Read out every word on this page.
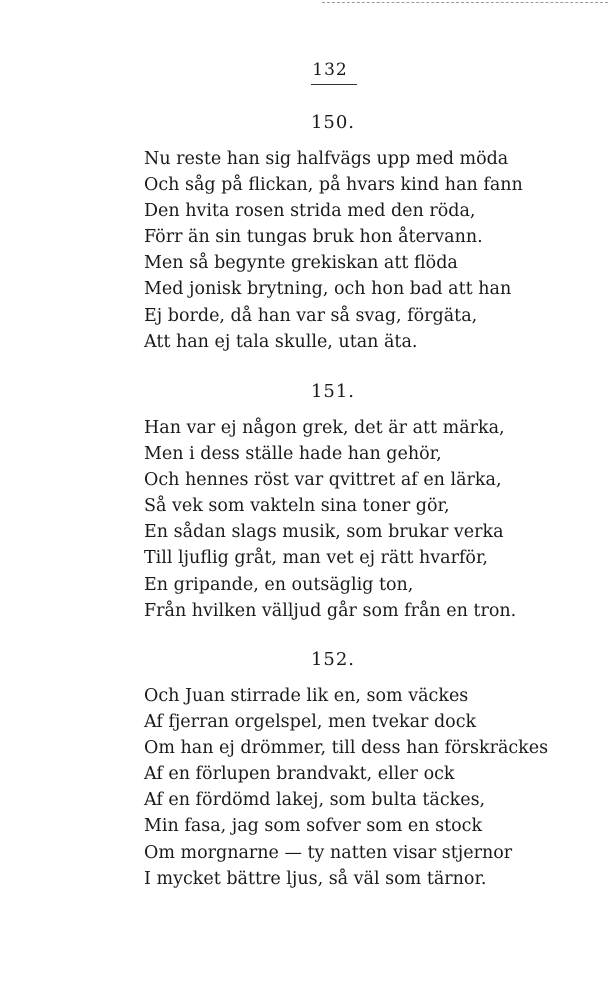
132
150.
Nu reste han sig halfvägs upp med möda
Och såg på flickan, på hvars kind han fann
Den hvita rosen strida med den röda,
Förr än sin tungas bruk hon återvann.
Men så begynte grekiskan att flöda
Med jonisk brytning, och hon bad att han
Ej borde, då han var så svag, förgäta,
Att han ej tala skulle, utan äta.
151.
Han var ej någon grek, det är att märka,
Men i dess ställe hade han gehör,
Och hennes röst var qvittret af en lärka,
Så vek som vakteln sina toner gör,
En sådan slags musik, som brukar verka
Till ljuflig gråt, man vet ej rätt hvarför,
En gripande, en outsäglig ton,
Från hvilken välljud går som från en tron.
152.
Och Juan stirrade lik en, som väckes
Af fjerran orgelspel, men tvekar dock
Om han ej drömmer, till dess han förskräckes
Af en förlupen brandvakt, eller ock
Af en fördömd lakej, som bulta täckes,
Min fasa, jag som sofver som en stock
Om morgnarne — ty natten visar stjernor
I mycket bättre ljus, så väl som tärnor.
